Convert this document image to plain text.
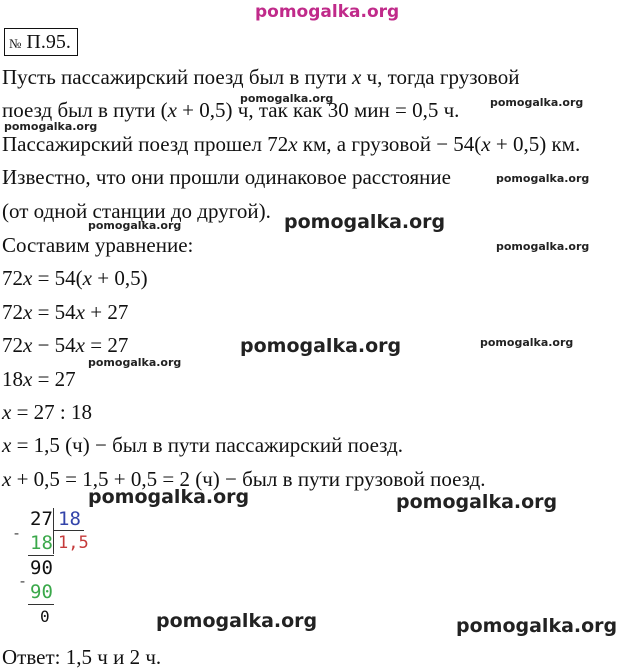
pomogalka.org
№ П.95.
Пусть пассажирский поезд был в пути x ч, тогда грузовой
поезд был в пути (x + 0,5) ч, так как 30 мин = 0,5 ч.
Пассажирский поезд прошел 72x км, а грузовой − 54(x + 0,5) км.
Известно, что они прошли одинаковое расстояние
(от одной станции до другой).
Составим уравнение:
72x = 54(x + 0,5)
72x = 54x + 27
72x − 54x = 27
18x = 27
x = 27 : 18
x = 1,5 (ч) − был в пути пассажирский поезд.
x + 0,5 = 1,5 + 0,5 = 2 (ч) − был в пути грузовой поезд.
27 18
- 18 1,5
90
- 90
0
Ответ: 1,5 ч и 2 ч.
pomogalka.org	pomogalka.org
pomogalka.org
pomogalka.org
pomogalka.org	pomogalka.org
pomogalka.org
pomogalka.org	pomogalka.org
pomogalka.org
pomogalka.org	pomogalka.org
pomogalka.org	pomogalka.org
